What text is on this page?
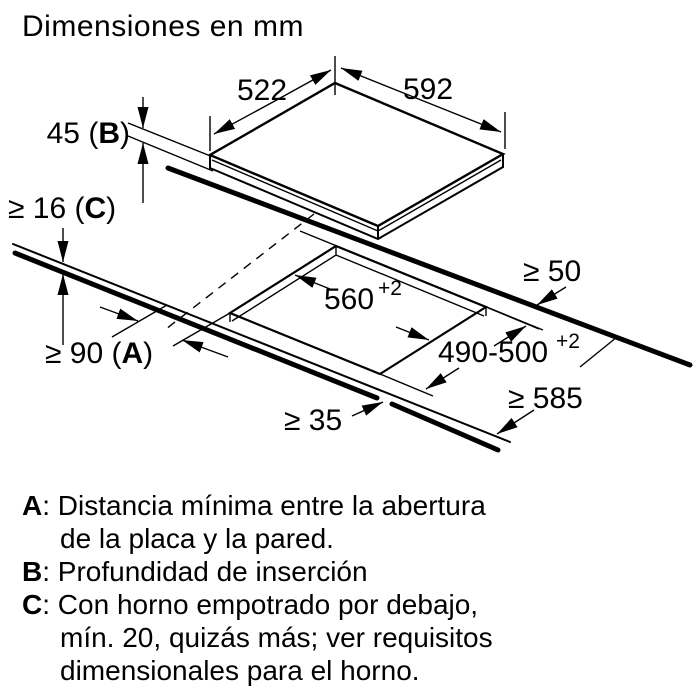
Dimensiones en mm
522	592
45 (B)
≥ 16 (C)
560 +2
490-500 +2
≥ 50
≥ 90 (A)
≥ 35
≥ 585
A: Distancia mínima entre la abertura
de la placa y la pared.
B: Profundidad de inserción
C: Con horno empotrado por debajo,
mín. 20, quizás más; ver requisitos
dimensionales para el horno.
